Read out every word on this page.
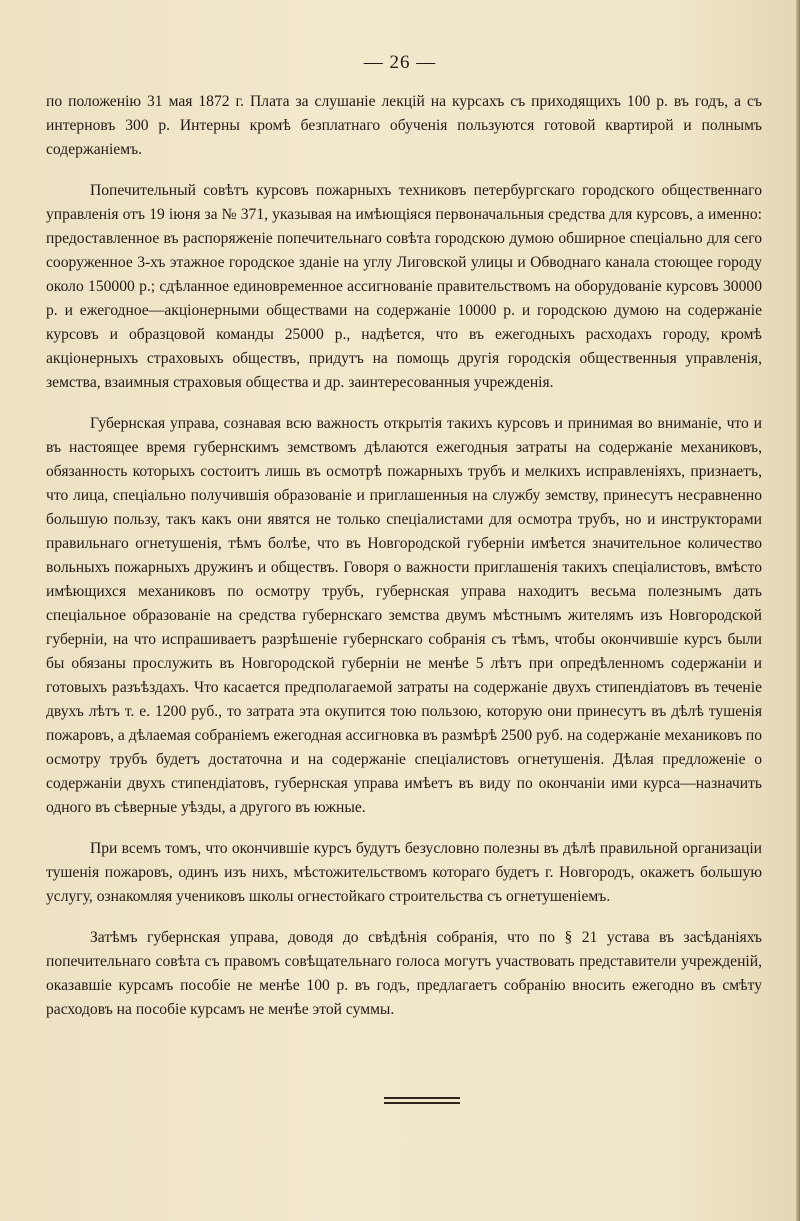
— 26 —

по положенію 31 мая 1872 г. Плата за слушаніе лекцій на курсахъ съ приходящихъ 100 р. въ годъ, а съ интерновъ 300 р. Интерны кромѣ безплатнаго обученія пользуются готовой квартирой и полнымъ содержаніемъ.

Попечительный совѣтъ курсовъ пожарныхъ техниковъ петербургскаго городского общественнаго управленія отъ 19 іюня за № 371, указывая на имѣющіяся первоначальныя средства для курсовъ, а именно: предоставленное въ распоряженіе попечительнаго совѣта городскою думою обширное спеціально для сего сооруженное 3-хъ этажное городское зданіе на углу Лиговской улицы и Обводнаго канала стоющее городу около 150000 р.; сдѣланное единовременное ассигнованіе правительствомъ на оборудованіе курсовъ 30000 р. и ежегодное—акціонерными обществами на содержаніе 10000 р. и городскою думою на содержаніе курсовъ и образцовой команды 25000 р., надѣется, что въ ежегодныхъ расходахъ городу, кромѣ акціонерныхъ страховыхъ обществъ, придутъ на помощь другія городскія общественныя управленія, земства, взаимныя страховыя общества и др. заинтересованныя учрежденія.

Губернская управа, сознавая всю важность открытія такихъ курсовъ и принимая во вниманіе, что и въ настоящее время губернскимъ земствомъ дѣлаются ежегодныя затраты на содержаніе механиковъ, обязанность которыхъ состоитъ лишь въ осмотрѣ пожарныхъ трубъ и мелкихъ исправленіяхъ, признаетъ, что лица, спеціально получившія образованіе и приглашенныя на службу земству, принесутъ несравненно большую пользу, такъ какъ они явятся не только спеціалистами для осмотра трубъ, но и инструкторами правильнаго огнетушенія, тѣмъ болѣе, что въ Новгородской губерніи имѣется значительное количество вольныхъ пожарныхъ дружинъ и обществъ. Говоря о важности приглашенія такихъ спеціалистовъ, вмѣсто имѣющихся механиковъ по осмотру трубъ, губернская управа находитъ весьма полезнымъ дать спеціальное образованіе на средства губернскаго земства двумъ мѣстнымъ жителямъ изъ Новгородской губерніи, на что испрашиваетъ разрѣшеніе губернскаго собранія съ тѣмъ, чтобы окончившіе курсъ были бы обязаны прослужить въ Новгородской губерніи не менѣе 5 лѣтъ при опредѣленномъ содержаніи и готовыхъ разъѣздахъ. Что касается предполагаемой затраты на содержаніе двухъ стипендіатовъ въ теченіе двухъ лѣтъ т. е. 1200 руб., то затрата эта окупится тою пользою, которую они принесутъ въ дѣлѣ тушенія пожаровъ, а дѣлаемая собраніемъ ежегодная ассигновка въ размѣрѣ 2500 руб. на содержаніе механиковъ по осмотру трубъ будетъ достаточна и на содержаніе спеціалистовъ огнетушенія. Дѣлая предложеніе о содержаніи двухъ стипендіатовъ, губернская управа имѣетъ въ виду по окончаніи ими курса—назначить одного въ сѣверные уѣзды, а другого въ южные.

При всемъ томъ, что окончившіе курсъ будутъ безусловно полезны въ дѣлѣ правильной организаціи тушенія пожаровъ, одинъ изъ нихъ, мѣстожительствомъ котораго будетъ г. Новгородъ, окажетъ большую услугу, ознакомляя учениковъ школы огнестойкаго строительства съ огнетушеніемъ.

Затѣмъ губернская управа, доводя до свѣдѣнія собранія, что по § 21 устава въ засѣданіяхъ попечительнаго совѣта съ правомъ совѣщательнаго голоса могутъ участвовать представители учрежденій, оказавшіе курсамъ пособіе не менѣе 100 р. въ годъ, предлагаетъ собранію вносить ежегодно въ смѣту расходовъ на пособіе курсамъ не менѣе этой суммы.
